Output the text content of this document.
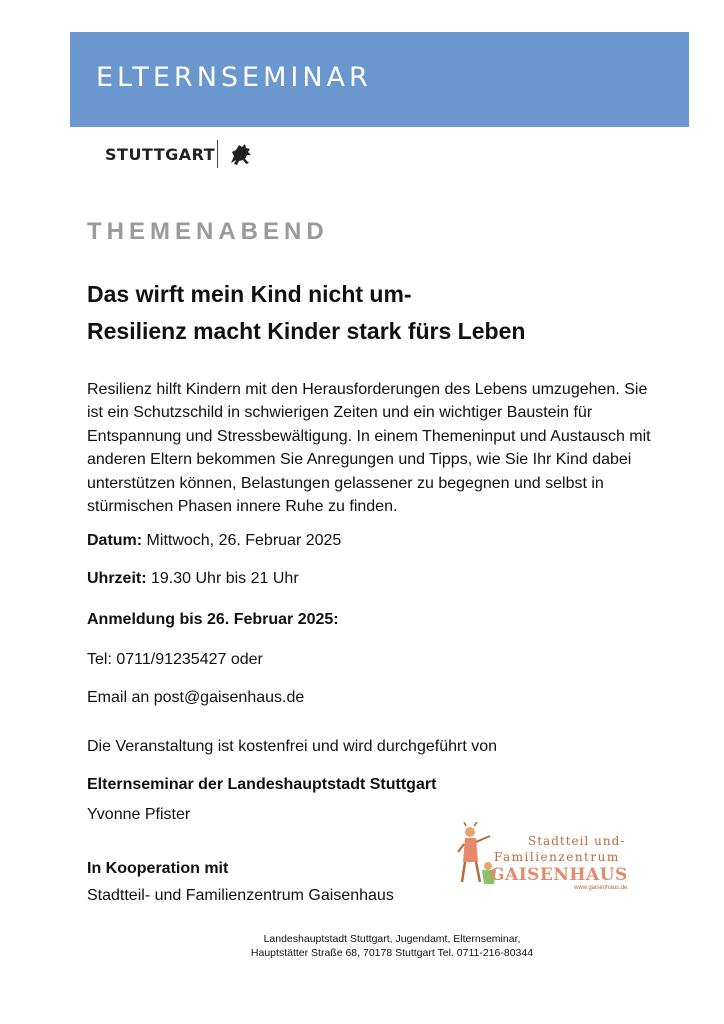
ELTERNSEMINAR
STUTTGART
THEMENABEND
Das wirft mein Kind nicht um-
Resilienz macht Kinder stark fürs Leben
Resilienz hilft Kindern mit den Herausforderungen des Lebens umzugehen. Sie
ist ein Schutzschild in schwierigen Zeiten und ein wichtiger Baustein für
Entspannung und Stressbewältigung. In einem Themeninput und Austausch mit
anderen Eltern bekommen Sie Anregungen und Tipps, wie Sie Ihr Kind dabei
unterstützen können, Belastungen gelassener zu begegnen und selbst in
stürmischen Phasen innere Ruhe zu finden.
Datum: Mittwoch, 26. Februar 2025
Uhrzeit: 19.30 Uhr bis 21 Uhr
Anmeldung bis 26. Februar 2025:
Tel: 0711/91235427 oder
Email an post@gaisenhaus.de
Die Veranstaltung ist kostenfrei und wird durchgeführt von
Elternseminar der Landeshauptstadt Stuttgart
Yvonne Pfister
In Kooperation mit
Stadtteil- und Familienzentrum Gaisenhaus
Stadtteil und-
Familienzentrum
GAISENHAUS
www.gaisenhaus.de
Landeshauptstadt Stuttgart, Jugendamt, Elternseminar,
Hauptstätter Straße 68, 70178 Stuttgart Tel. 0711-216-80344
